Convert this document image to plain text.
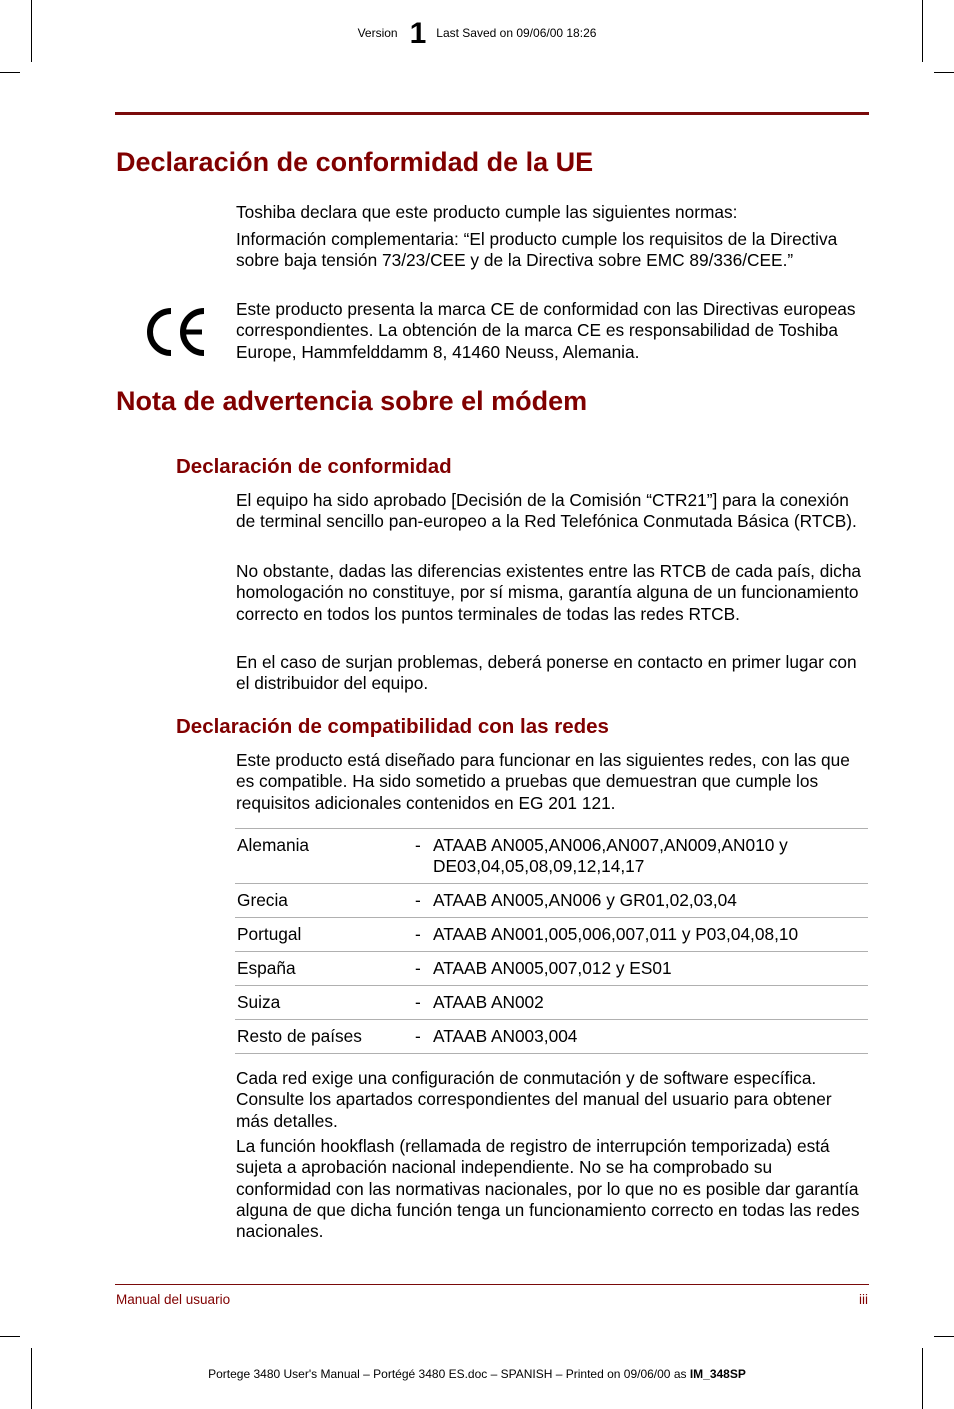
Version 1 Last Saved on 09/06/00 18:26
Declaración de conformidad de la UE

Toshiba declara que este producto cumple las siguientes normas:

Información complementaria: “El producto cumple los requisitos de la Directiva sobre baja tensión 73/23/CEE y de la Directiva sobre EMC 89/336/CEE.”

Este producto presenta la marca CE de conformidad con las Directivas europeas correspondientes. La obtención de la marca CE es responsabilidad de Toshiba Europe, Hammfelddamm 8, 41460 Neuss, Alemania.

Nota de advertencia sobre el módem
Declaración de conformidad

El equipo ha sido aprobado [Decisión de la Comisión “CTR21”] para la conexión de terminal sencillo pan-europeo a la Red Telefónica Conmutada Básica (RTCB).

No obstante, dadas las diferencias existentes entre las RTCB de cada país, dicha homologación no constituye, por sí misma, garantía alguna de un funcionamiento correcto en todos los puntos terminales de todas las redes RTCB.

En el caso de surjan problemas, deberá ponerse en contacto en primer lugar con el distribuidor del equipo.

Declaración de compatibilidad con las redes

Este producto está diseñado para funcionar en las siguientes redes, con las que es compatible. Ha sido sometido a pruebas que demuestran que cumple los requisitos adicionales contenidos en EG 201 121.

Alemania	-	ATAAB AN005,AN006,AN007,AN009,AN010 y DE03,04,05,08,09,12,14,17
Grecia	-	ATAAB AN005,AN006 y GR01,02,03,04
Portugal	-	ATAAB AN001,005,006,007,011 y P03,04,08,10
España	-	ATAAB AN005,007,012 y ES01
Suiza	-	ATAAB AN002
Resto de países	-	ATAAB AN003,004

Cada red exige una configuración de conmutación y de software específica. Consulte los apartados correspondientes del manual del usuario para obtener más detalles.

La función hookflash (rellamada de registro de interrupción temporizada) está sujeta a aprobación nacional independiente. No se ha comprobado su conformidad con las normativas nacionales, por lo que no es posible dar garantía alguna de que dicha función tenga un funcionamiento correcto en todas las redes nacionales.

Manual del usuario	iii
Portege 3480 User's Manual – Portégé 3480 ES.doc – SPANISH – Printed on 09/06/00 as IM_348SP
